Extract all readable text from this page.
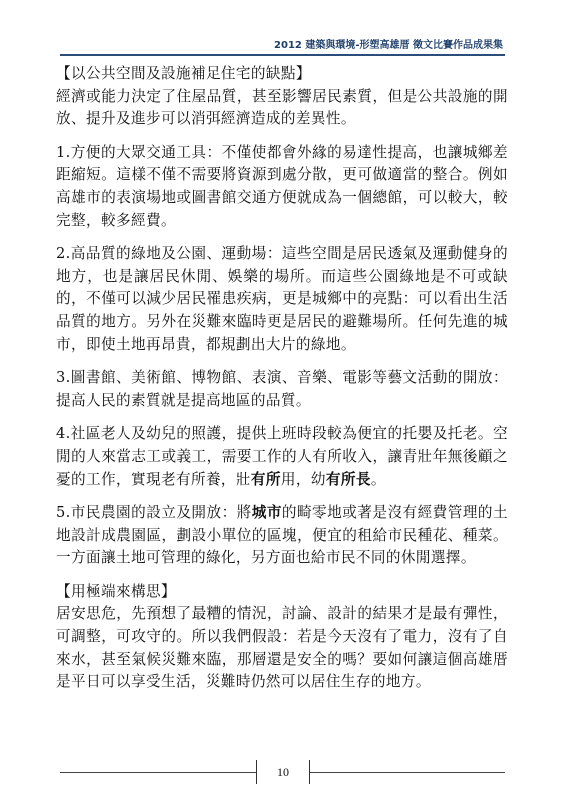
2012 建築與環境-形塑高雄厝 徵文比賽作品成果集

【以公共空間及設施補足住宅的缺點】

經濟或能力決定了住屋品質，甚至影響居民素質，但是公共設施的開放、提升及進步可以消弭經濟造成的差異性。

1.方便的大眾交通工具：不僅使都會外緣的易達性提高，也讓城鄉差距縮短。這樣不僅不需要將資源到處分散，更可做適當的整合。例如高雄市的表演場地或圖書館交通方便就成為一個總館，可以較大，較完整，較多經費。

2.高品質的綠地及公園、運動場：這些空間是居民透氣及運動健身的地方，也是讓居民休閒、娛樂的場所。而這些公園綠地是不可或缺的，不僅可以減少居民罹患疾病，更是城鄉中的亮點：可以看出生活品質的地方。另外在災難來臨時更是居民的避難場所。任何先進的城市，即使土地再昂貴，都規劃出大片的綠地。

3.圖書館、美術館、博物館、表演、音樂、電影等藝文活動的開放：提高人民的素質就是提高地區的品質。

4.社區老人及幼兒的照護，提供上班時段較為便宜的托嬰及托老。空閒的人來當志工或義工，需要工作的人有所收入，讓青壯年無後顧之憂的工作，實現老有所養，壯有所用，幼有所長。

5.市民農園的設立及開放：將城市的畸零地或著是沒有經費管理的土地設計成農園區，劃設小單位的區塊，便宜的租給市民種花、種菜。一方面讓土地可管理的綠化，另方面也給市民不同的休閒選擇。

【用極端來構思】

居安思危，先預想了最糟的情況，討論、設計的結果才是最有彈性，可調整，可攻守的。所以我們假設：若是今天沒有了電力，沒有了自來水，甚至氣候災難來臨，那層還是安全的嗎？要如何讓這個高雄厝是平日可以享受生活，災難時仍然可以居住生存的地方。

10
